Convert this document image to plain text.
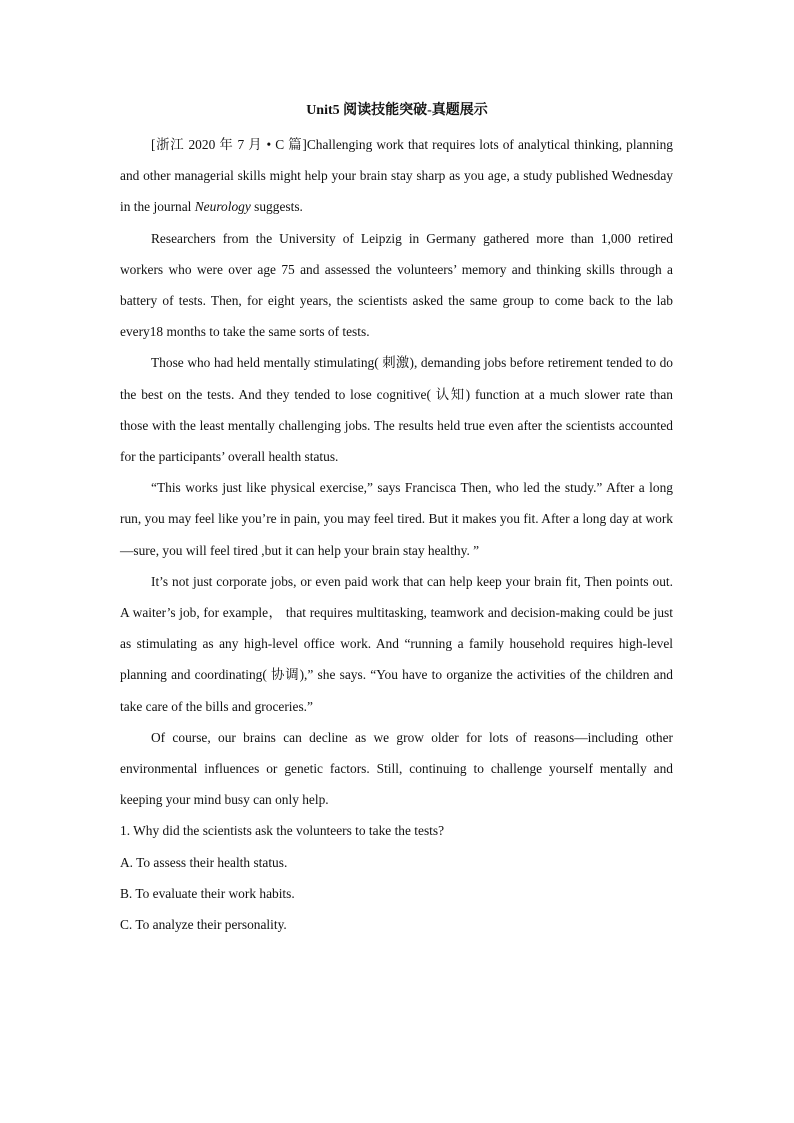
Unit5 阅读技能突破-真题展示

[浙江 2020 年 7 月 • C 篇]Challenging work that requires lots of analytical thinking, planning and other managerial skills might help your brain stay sharp as you age, a study published Wednesday in the journal Neurology suggests.

Researchers from the University of Leipzig in Germany gathered more than 1,000 retired workers who were over age 75 and assessed the volunteers’ memory and thinking skills through a battery of tests. Then, for eight years, the scientists asked the same group to come back to the lab every18 months to take the same sorts of tests.

Those who had held mentally stimulating( 刺激), demanding jobs before retirement tended to do the best on the tests. And they tended to lose cognitive( 认知) function at a much slower rate than those with the least mentally challenging jobs. The results held true even after the scientists accounted for the participants’ overall health status.

“This works just like physical exercise,” says Francisca Then, who led the study.” After a long run, you may feel like you’re in pain, you may feel tired. But it makes you fit. After a long day at work—sure, you will feel tired ,but it can help your brain stay healthy. ”

It’s not just corporate jobs, or even paid work that can help keep your brain fit, Then points out. A waiter’s job, for example， that requires multitasking, teamwork and decision-making could be just as stimulating as any high-level office work. And “running a family household requires high-level planning and coordinating( 协调),” she says. “You have to organize the activities of the children and take care of the bills and groceries.”

Of course, our brains can decline as we grow older for lots of reasons—including other environmental influences or genetic factors. Still, continuing to challenge yourself mentally and keeping your mind busy can only help.

1. Why did the scientists ask the volunteers to take the tests?

A. To assess their health status.

B. To evaluate their work habits.

C. To analyze their personality.
